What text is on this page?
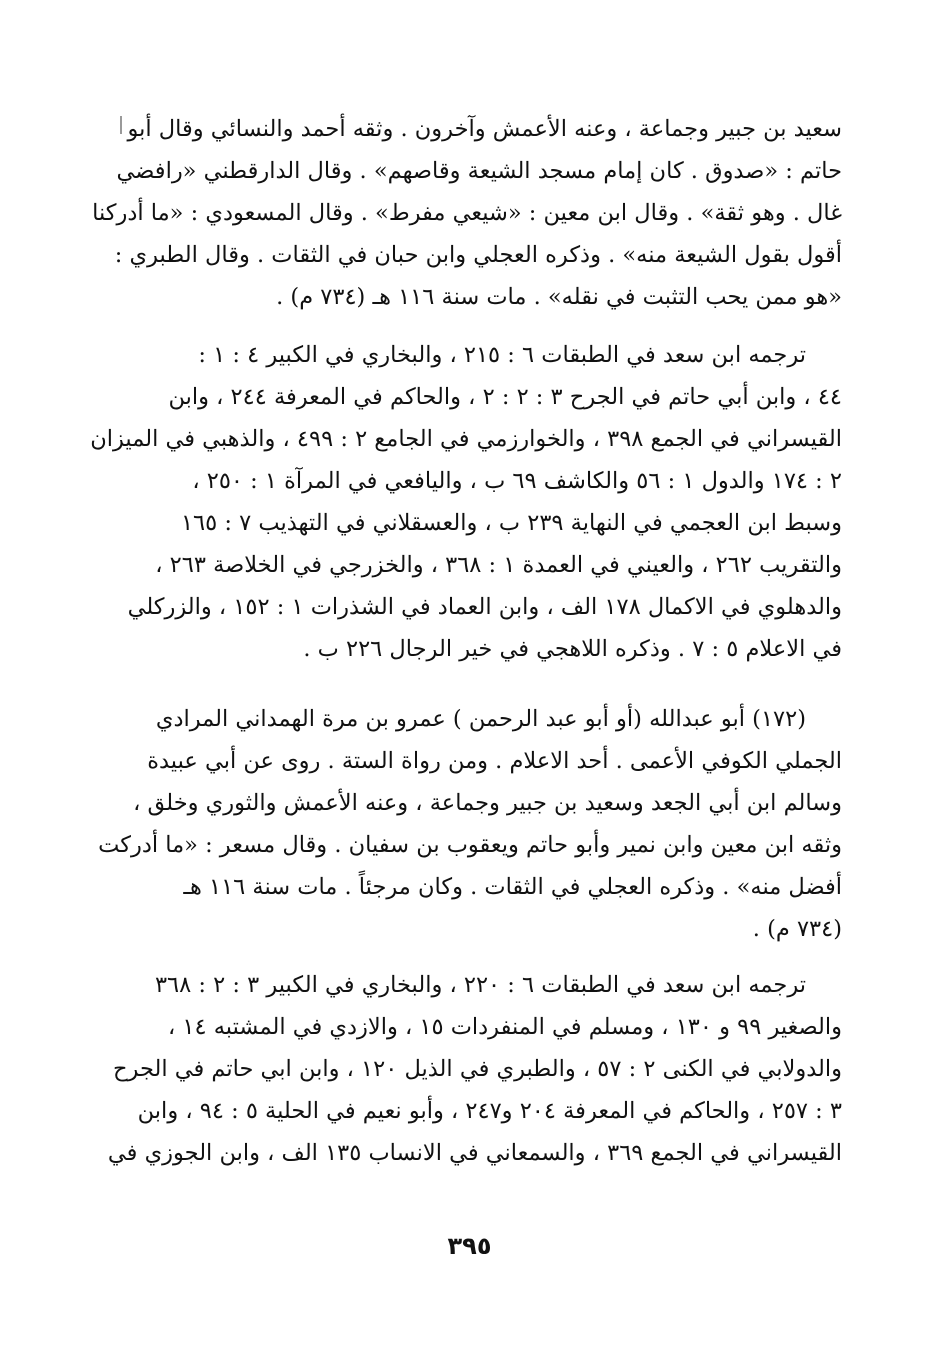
سعيد بن جبير وجماعة ، وعنه الأعمش وآخرون . وثقه أحمد والنسائي وقال أبو
حاتم : «صدوق . كان إمام مسجد الشيعة وقاصهم» . وقال الدارقطني «رافضي
غال . وهو ثقة» . وقال ابن معين : «شيعي مفرط» . وقال المسعودي : «ما أدركنا
أقول بقول الشيعة منه» . وذكره العجلي وابن حبان في الثقات . وقال الطبري :
«هو ممن يحب التثبت في نقله» . مات سنة ١١٦ هـ (٧٣٤ م) .

ترجمه ابن سعد في الطبقات ٦ : ٢١٥ ، والبخاري في الكبير ٤ : ١ :
٤٤ ، وابن أبي حاتم في الجرح ٣ : ٢ : ٢ ، والحاكم في المعرفة ٢٤٤ ، وابن
القيسراني في الجمع ٣٩٨ ، والخوارزمي في الجامع ٢ : ٤٩٩ ، والذهبي في الميزان
٢ : ١٧٤ والدول ١ : ٥٦ والكاشف ٦٩ ب ، واليافعي في المرآة ١ : ٢٥٠ ،
وسبط ابن العجمي في النهاية ٢٣٩ ب ، والعسقلاني في التهذيب ٧ : ١٦٥
والتقريب ٢٦٢ ، والعيني في العمدة ١ : ٣٦٨ ، والخزرجي في الخلاصة ٢٦٣ ،
والدهلوي في الاكمال ١٧٨ الف ، وابن العماد في الشذرات ١ : ١٥٢ ، والزركلي
في الاعلام ٥ : ٧ . وذكره اللاهجي في خير الرجال ٢٢٦ ب .

(١٧٢) أبو عبدالله (أو أبو عبد الرحمن ) عمرو بن مرة الهمداني المرادي
الجملي الكوفي الأعمى . أحد الاعلام . ومن رواة الستة . روى عن أبي عبيدة
وسالم ابن أبي الجعد وسعيد بن جبير وجماعة ، وعنه الأعمش والثوري وخلق ،
وثقه ابن معين وابن نمير وأبو حاتم ويعقوب بن سفيان . وقال مسعر : «ما أدركت
أفضل منه» . وذكره العجلي في الثقات . وكان مرجئاً . مات سنة ١١٦ هـ
(٧٣٤ م) .

ترجمه ابن سعد في الطبقات ٦ : ٢٢٠ ، والبخاري في الكبير ٣ : ٢ : ٣٦٨
والصغير ٩٩ و ١٣٠ ، ومسلم في المنفردات ١٥ ، والازدي في المشتبه ١٤ ،
والدولابي في الكنى ٢ : ٥٧ ، والطبري في الذيل ١٢٠ ، وابن ابي حاتم في الجرح
٣ : ٢٥٧ ، والحاكم في المعرفة ٢٠٤ و٢٤٧ ، وأبو نعيم في الحلية ٥ : ٩٤ ، وابن
القيسراني في الجمع ٣٦٩ ، والسمعاني في الانساب ١٣٥ الف ، وابن الجوزي في

٣٩٥
